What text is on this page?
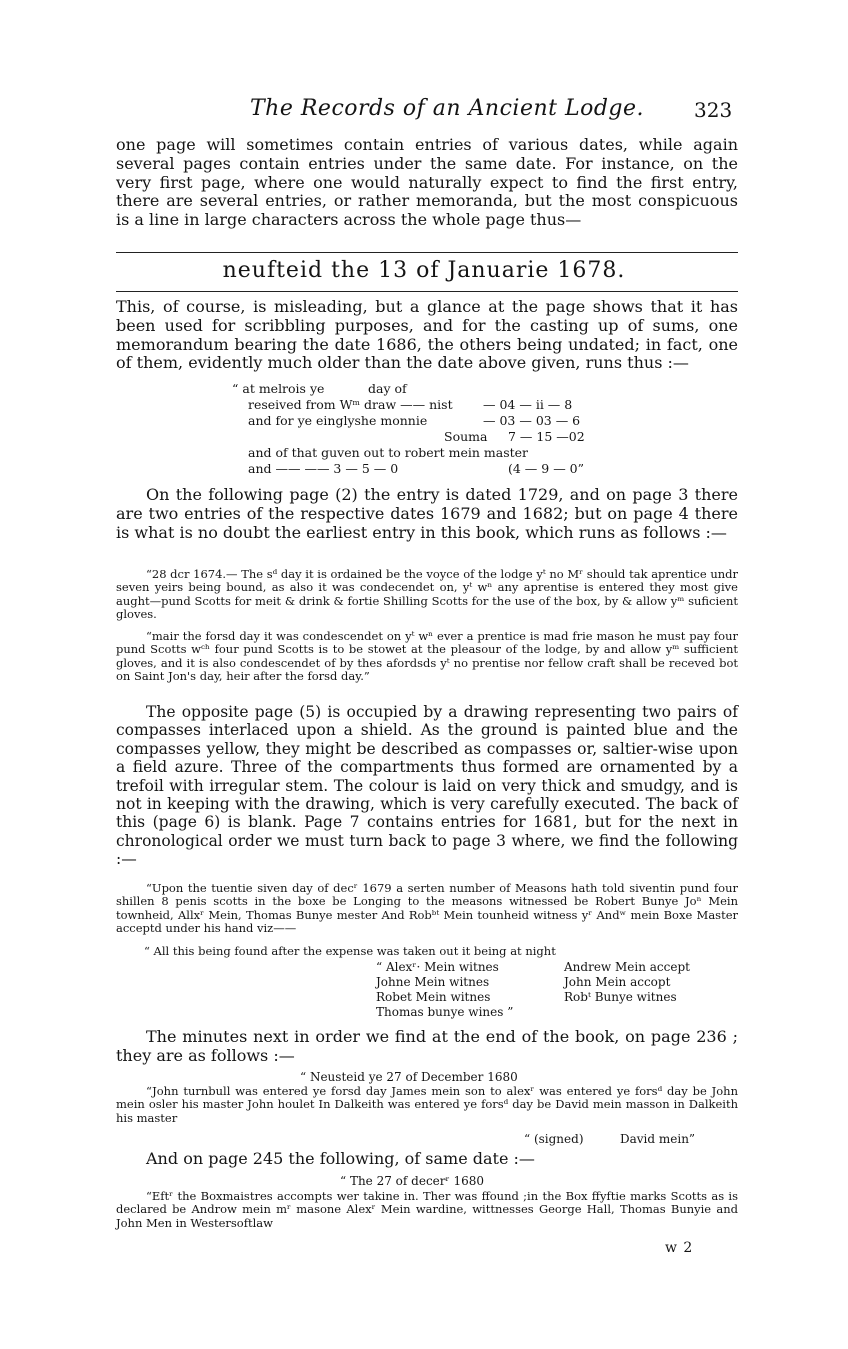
The Records of an Ancient Lodge. 323
one page will sometimes contain entries of various dates, while again several pages contain entries under the same date. For instance, on the very first page, where one would naturally expect to find the first entry, there are several entries, or rather memoranda, but the most conspicuous is a line in large characters across the whole page thus—
neufteid the 13 of Januarie 1678.
This, of course, is misleading, but a glance at the page shows that it has been used for scribbling purposes, and for the casting up of sums, one memorandum bearing the date 1686, the others being undated; in fact, one of them, evidently much older than the date above given, runs thus :—
“ at melrois ye	day of
reseived from Wᵐ draw —— nist — 04 — ii — 8
and for ye einglyshe monnie	— 03 — 03 — 6
Souma 7 — 15 —02
and of that guven out to robert mein master
and —— —— 3 — 5 — 0	(4 — 9 — 0”
On the following page (2) the entry is dated 1729, and on page 3 there are two entries of the respective dates 1679 and 1682; but on page 4 there is what is no doubt the earliest entry in this book, which runs as follows :—
“28 dcr 1674.— The sᵈ day it is ordained be the voyce of the lodge yᵗ no Mʳ should tak aprentice undr seven yeirs being bound, as also it was condecendet on, yᵗ wⁿ any aprentise is entered they most give aught—pund Scotts for meit & drink & fortie Shilling Scotts for the use of the box, by & allow yᵐ suficient gloves.
“mair the forsd day it was condescendet on yᵗ wⁿ ever a prentice is mad frie mason he must pay four pund Scotts wᶜʰ four pund Scotts is to be stowet at the pleasour of the lodge, by and allow yᵐ sufficient gloves, and it is also condescendet of by thes afordsds yᵗ no prentise nor fellow craft shall be receved bot on Saint Jon's day, heir after the forsd day.”
The opposite page (5) is occupied by a drawing representing two pairs of compasses interlaced upon a shield. As the ground is painted blue and the compasses yellow, they might be described as compasses or, saltier-wise upon a field azure. Three of the compartments thus formed are ornamented by a trefoil with irregular stem. The colour is laid on very thick and smudgy, and is not in keeping with the drawing, which is very carefully executed. The back of this (page 6) is blank. Page 7 contains entries for 1681, but for the next in chronological order we must turn back to page 3 where, we find the following :—
“Upon the tuentie siven day of decʳ 1679 a serten number of Measons hath told siventin pund four shillen 8 penis scotts in the boxe be Longing to the measons witnessed be Robert Bunye Joⁿ Mein townheid, Allxʳ Mein, Thomas Bunye mester And Robᵇᵗ Mein tounheid witness yʳ Andʷ mein Boxe Master acceptd under his hand viz——
“ All this being found after the expense was taken out it being at night
“ Alexʳ· Mein witnes	Andrew Mein accept
Johne Mein witnes	John Mein accopt
Robet Mein witnes	Robᵗ Bunye witnes
Thomas bunye wines ”
The minutes next in order we find at the end of the book, on page 236 ; they are as follows :—
“ Neusteid ye 27 of December 1680
“John turnbull was entered ye forsd day James mein son to alexʳ was entered ye forsᵈ day be John mein osler his master John houlet In Dalkeith was entered ye forsᵈ day be David mein masson in Dalkeith his master
“ (signed)	David mein”
And on page 245 the following, of same date :—
“ The 27 of decerʳ 1680
“Eftʳ the Boxmaistres accompts wer takine in. Ther was ffound ;in the Box ffyftie marks Scotts as is declared be Androw mein mʳ masone Alexʳ Mein wardine, wittnesses George Hall, Thomas Bunyie and John Men in Westersoftlaw
w 2
